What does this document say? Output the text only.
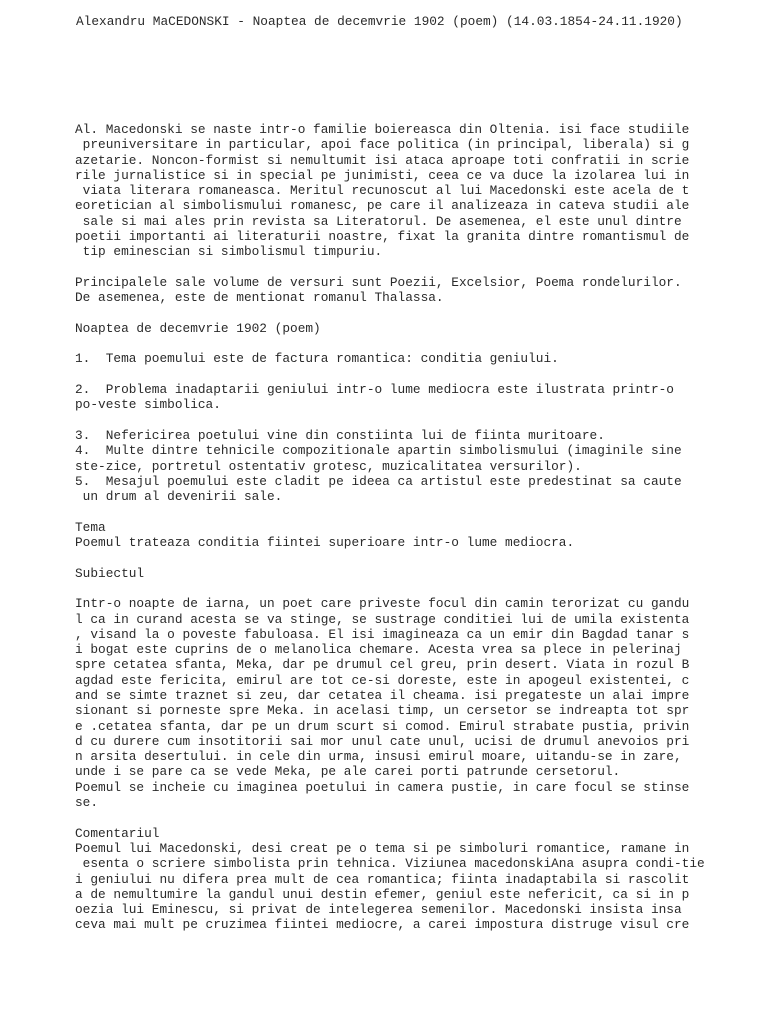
Alexandru MaCEDONSKI - Noaptea de decemvrie 1902 (poem) (14.03.1854-24.11.1920)
Al. Macedonski se naste intr-o familie boiereasca din Oltenia. isi face studiile
preuniversitare in particular, apoi face politica (in principal, liberala) si g
azetarie. Noncon-formist si nemultumit isi ataca aproape toti confratii in scrie
rile jurnalistice si in special pe junimisti, ceea ce va duce la izolarea lui in
viata literara romaneasca. Meritul recunoscut al lui Macedonski este acela de t
eoretician al simbolismului romanesc, pe care il analizeaza in cateva studii ale
sale si mai ales prin revista sa Literatorul. De asemenea, el este unul dintre
poetii importanti ai literaturii noastre, fixat la granita dintre romantismul de
tip eminescian si simbolismul timpuriu.
Principalele sale volume de versuri sunt Poezii, Excelsior, Poema rondelurilor.
De asemenea, este de mentionat romanul Thalassa.
Noaptea de decemvrie 1902 (poem)
1.  Tema poemului este de factura romantica: conditia geniului.
2.  Problema inadaptarii geniului intr-o lume mediocra este ilustrata printr-o
po-veste simbolica.
3.  Nefericirea poetului vine din constiinta lui de fiinta muritoare.
4.  Multe dintre tehnicile compozitionale apartin simbolismului (imaginile sine
ste-zice, portretul ostentativ grotesc, muzicalitatea versurilor).
5.  Mesajul poemului este cladit pe ideea ca artistul este predestinat sa caute
un drum al devenirii sale.
Tema
Poemul trateaza conditia fiintei superioare intr-o lume mediocra.
Subiectul
Intr-o noapte de iarna, un poet care priveste focul din camin terorizat cu gandu
l ca in curand acesta se va stinge, se sustrage conditiei lui de umila existenta
, visand la o poveste fabuloasa. El isi imagineaza ca un emir din Bagdad tanar s
i bogat este cuprins de o melanolica chemare. Acesta vrea sa plece in pelerinaj
spre cetatea sfanta, Meka, dar pe drumul cel greu, prin desert. Viata in rozul B
agdad este fericita, emirul are tot ce-si doreste, este in apogeul existentei, c
and se simte traznet si zeu, dar cetatea il cheama. isi pregateste un alai impre
sionant si porneste spre Meka. in acelasi timp, un cersetor se indreapta tot spr
e .cetatea sfanta, dar pe un drum scurt si comod. Emirul strabate pustia, privin
d cu durere cum insotitorii sai mor unul cate unul, ucisi de drumul anevoios pri
n arsita desertului. in cele din urma, insusi emirul moare, uitandu-se in zare,
unde i se pare ca se vede Meka, pe ale carei porti patrunde cersetorul.
Poemul se incheie cu imaginea poetului in camera pustie, in care focul se stinse
se.
Comentariul
Poemul lui Macedonski, desi creat pe o tema si pe simboluri romantice, ramane in
esenta o scriere simbolista prin tehnica. Viziunea macedonskiAna asupra condi-tie
i geniului nu difera prea mult de cea romantica; fiinta inadaptabila si rascolit
a de nemultumire la gandul unui destin efemer, geniul este nefericit, ca si in p
oezia lui Eminescu, si privat de intelegerea semenilor. Macedonski insista insa
ceva mai mult pe cruzimea fiintei mediocre, a carei impostura distruge visul cre
